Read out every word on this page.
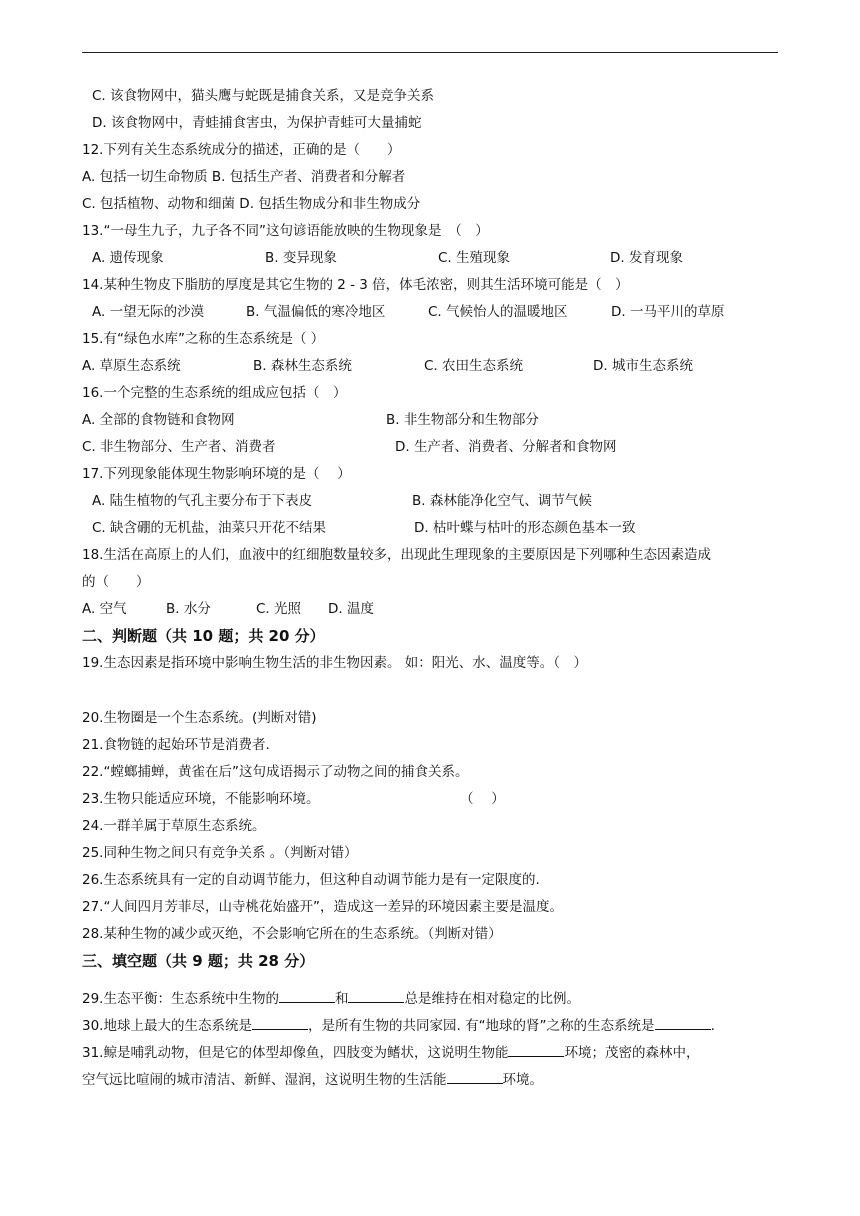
C. 该食物网中，猫头鹰与蛇既是捕食关系，又是竞争关系
D. 该食物网中，青蛙捕食害虫，为保护青蛙可大量捕蛇
12.下列有关生态系统成分的描述，正确的是（　　）
A. 包括一切生命物质 B. 包括生产者、消费者和分解者
C. 包括植物、动物和细菌 D. 包括生物成分和非生物成分
13.“一母生九子，九子各不同”这句谚语能放映的生物现象是　（　）
A. 遗传现象	B. 变异现象	C. 生殖现象	D. 发育现象
14.某种生物皮下脂肪的厚度是其它生物的 2 - 3 倍，体毛浓密，则其生活环境可能是（　）
A. 一望无际的沙漠	B. 气温偏低的寒冷地区	C. 气候怡人的温暖地区	D. 一马平川的草原
15.有“绿色水库”之称的生态系统是（ ）
A. 草原生态系统	B. 森林生态系统	C. 农田生态系统	D. 城市生态系统
16.一个完整的生态系统的组成应包括（　）
A. 全部的食物链和食物网	B. 非生物部分和生物部分
C. 非生物部分、生产者、消费者	D. 生产者、消费者、分解者和食物网
17.下列现象能体现生物影响环境的是（　 ）
A. 陆生植物的气孔主要分布于下表皮	B. 森林能净化空气、调节气候
C. 缺含硼的无机盐，油菜只开花不结果	D. 枯叶蝶与枯叶的形态颜色基本一致
18.生活在高原上的人们，血液中的红细胞数量较多，出现此生理现象的主要原因是下列哪种生态因素造成
的（　　）
A. 空气	B. 水分	C. 光照 D. 温度
二、判断题（共 10 题；共 20 分）
19.生态因素是指环境中影响生物生活的非生物因素。 如：阳光、水、温度等。（　）
20.生物圈是一个生态系统。(判断对错)
21.食物链的起始环节是消费者.
22.“螳螂捕蝉，黄雀在后”这句成语揭示了动物之间的捕食关系。
23.生物只能适应环境，不能影响环境。	（　 ）
24.一群羊属于草原生态系统。
25.同种生物之间只有竞争关系 。（判断对错）
26.生态系统具有一定的自动调节能力，但这种自动调节能力是有一定限度的.
27.“人间四月芳菲尽，山寺桃花始盛开”，造成这一差异的环境因素主要是温度。
28.某种生物的减少或灭绝，不会影响它所在的生态系统。（判断对错）
三、填空题（共 9 题；共 28 分）
29.生态平衡：生态系统中生物的	和	总是维持在相对稳定的比例。
30.地球上最大的生态系统是	，是所有生物的共同家园. 有“地球的肾”之称的生态系统是	.
31.鲸是哺乳动物，但是它的体型却像鱼，四肢变为鳍状，这说明生物能	环境；茂密的森林中，
空气远比喧闹的城市清洁、新鲜、湿润，这说明生物的生活能	环境。
